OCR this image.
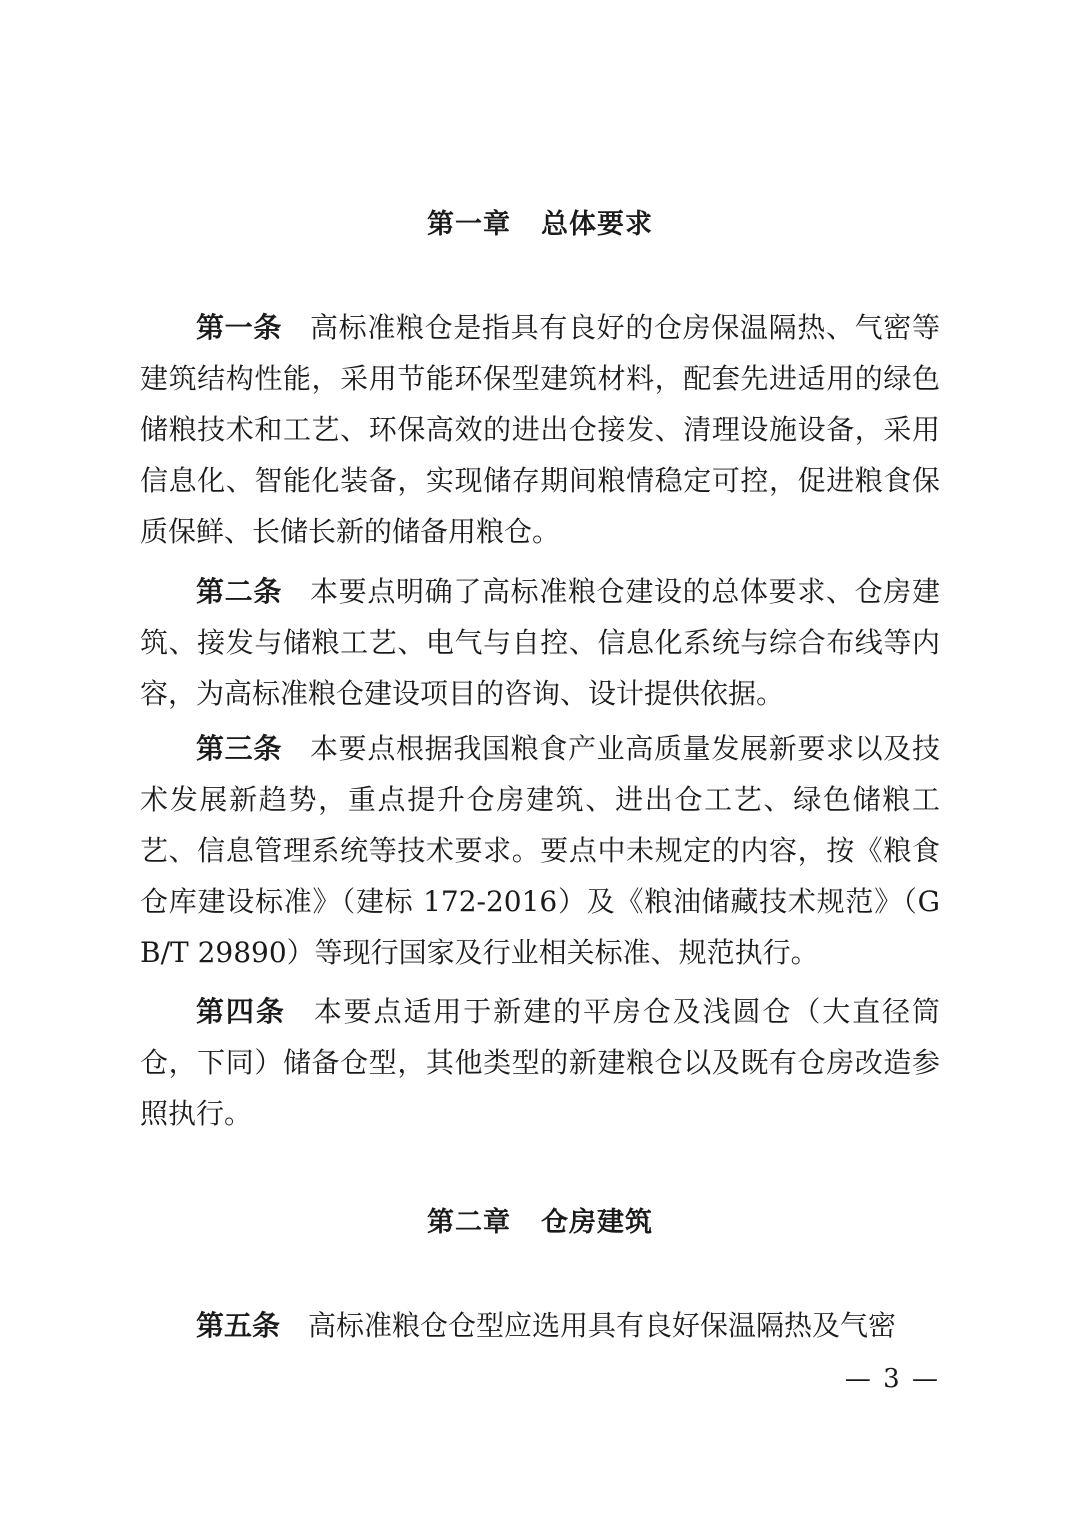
第一章 总体要求
第一条 高标准粮仓是指具有良好的仓房保温隔热、气密等建筑结构性能，采用节能环保型建筑材料，配套先进适用的绿色储粮技术和工艺、环保高效的进出仓接发、清理设施设备，采用信息化、智能化装备，实现储存期间粮情稳定可控，促进粮食保质保鲜、长储长新的储备用粮仓。
第二条 本要点明确了高标准粮仓建设的总体要求、仓房建筑、接发与储粮工艺、电气与自控、信息化系统与综合布线等内容，为高标准粮仓建设项目的咨询、设计提供依据。
第三条 本要点根据我国粮食产业高质量发展新要求以及技术发展新趋势，重点提升仓房建筑、进出仓工艺、绿色储粮工艺、信息管理系统等技术要求。要点中未规定的内容，按《粮食仓库建设标准》（建标 172-2016）及《粮油储藏技术规范》（GB/T 29890）等现行国家及行业相关标准、规范执行。
第四条 本要点适用于新建的平房仓及浅圆仓（大直径筒仓，下同）储备仓型，其他类型的新建粮仓以及既有仓房改造参照执行。
第二章 仓房建筑
第五条 高标准粮仓仓型应选用具有良好保温隔热及气密
— 3 —
